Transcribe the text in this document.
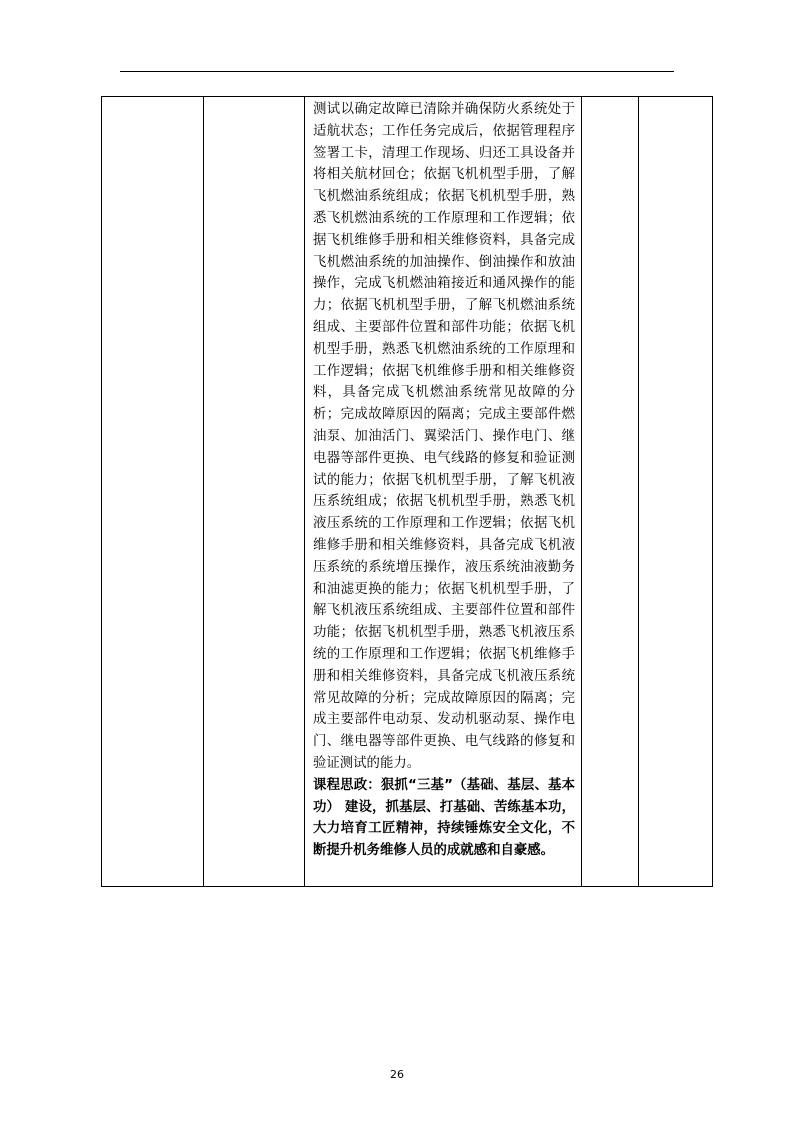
测试以确定故障已清除并确保防火系统处于适航状态；工作任务完成后，依据管理程序签署工卡，清理工作现场、归还工具设备并将相关航材回仓；依据飞机机型手册，了解飞机燃油系统组成；依据飞机机型手册，熟悉飞机燃油系统的工作原理和工作逻辑；依据飞机维修手册和相关维修资料，具备完成飞机燃油系统的加油操作、倒油操作和放油操作，完成飞机燃油箱接近和通风操作的能力；依据飞机机型手册，了解飞机燃油系统组成、主要部件位置和部件功能；依据飞机机型手册，熟悉飞机燃油系统的工作原理和工作逻辑；依据飞机维修手册和相关维修资料，具备完成飞机燃油系统常见故障的分析；完成故障原因的隔离；完成主要部件燃油泵、加油活门、翼梁活门、操作电门、继电器等部件更换、电气线路的修复和验证测试的能力；依据飞机机型手册，了解飞机液压系统组成；依据飞机机型手册，熟悉飞机液压系统的工作原理和工作逻辑；依据飞机维修手册和相关维修资料，具备完成飞机液压系统的系统增压操作，液压系统油液勤务和油滤更换的能力；依据飞机机型手册，了解飞机液压系统组成、主要部件位置和部件功能；依据飞机机型手册，熟悉飞机液压系统的工作原理和工作逻辑；依据飞机维修手册和相关维修资料，具备完成飞机液压系统常见故障的分析；完成故障原因的隔离；完成主要部件电动泵、发动机驱动泵、操作电门、继电器等部件更换、电气线路的修复和验证测试的能力。

课程思政：狠抓“三基”（基础、基层、基本功） 建设，抓基层、打基础、苦练基本功，大力培育工匠精神，持续锤炼安全文化，不断提升机务维修人员的成就感和自豪感。

26
